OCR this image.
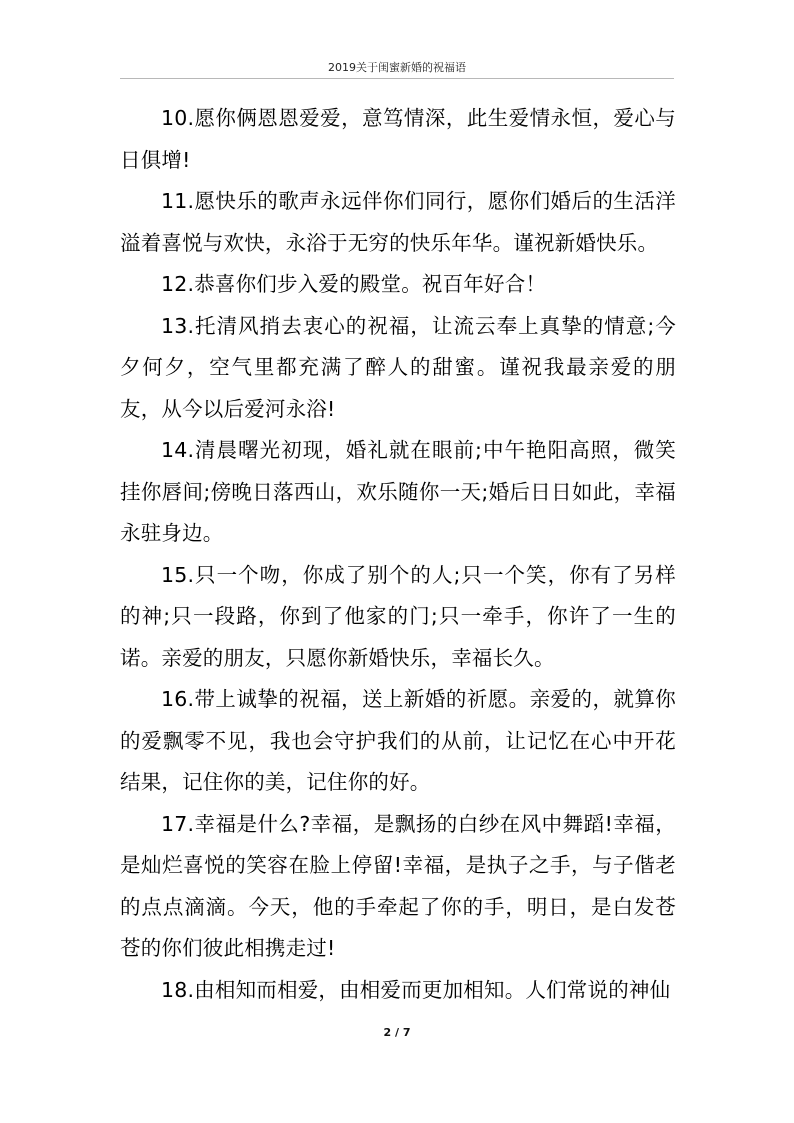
2019关于闺蜜新婚的祝福语

10.愿你俩恩恩爱爱，意笃情深，此生爱情永恒，爱心与日俱增!

11.愿快乐的歌声永远伴你们同行，愿你们婚后的生活洋溢着喜悦与欢快，永浴于无穷的快乐年华。谨祝新婚快乐。

12.恭喜你们步入爱的殿堂。祝百年好合！

13.托清风捎去衷心的祝福，让流云奉上真挚的情意;今夕何夕，空气里都充满了醉人的甜蜜。谨祝我最亲爱的朋友，从今以后爱河永浴!

14.清晨曙光初现，婚礼就在眼前;中午艳阳高照，微笑挂你唇间;傍晚日落西山，欢乐随你一天;婚后日日如此，幸福永驻身边。

15.只一个吻，你成了别个的人;只一个笑，你有了另样的神;只一段路，你到了他家的门;只一牵手，你许了一生的诺。亲爱的朋友，只愿你新婚快乐，幸福长久。

16.带上诚挚的祝福，送上新婚的祈愿。亲爱的，就算你的爱飘零不见，我也会守护我们的从前，让记忆在心中开花结果，记住你的美，记住你的好。

17.幸福是什么?幸福，是飘扬的白纱在风中舞蹈!幸福，是灿烂喜悦的笑容在脸上停留!幸福，是执子之手，与子偕老的点点滴滴。今天，他的手牵起了你的手，明日，是白发苍苍的你们彼此相携走过!

18.由相知而相爱，由相爱而更加相知。人们常说的神仙

2 / 7
